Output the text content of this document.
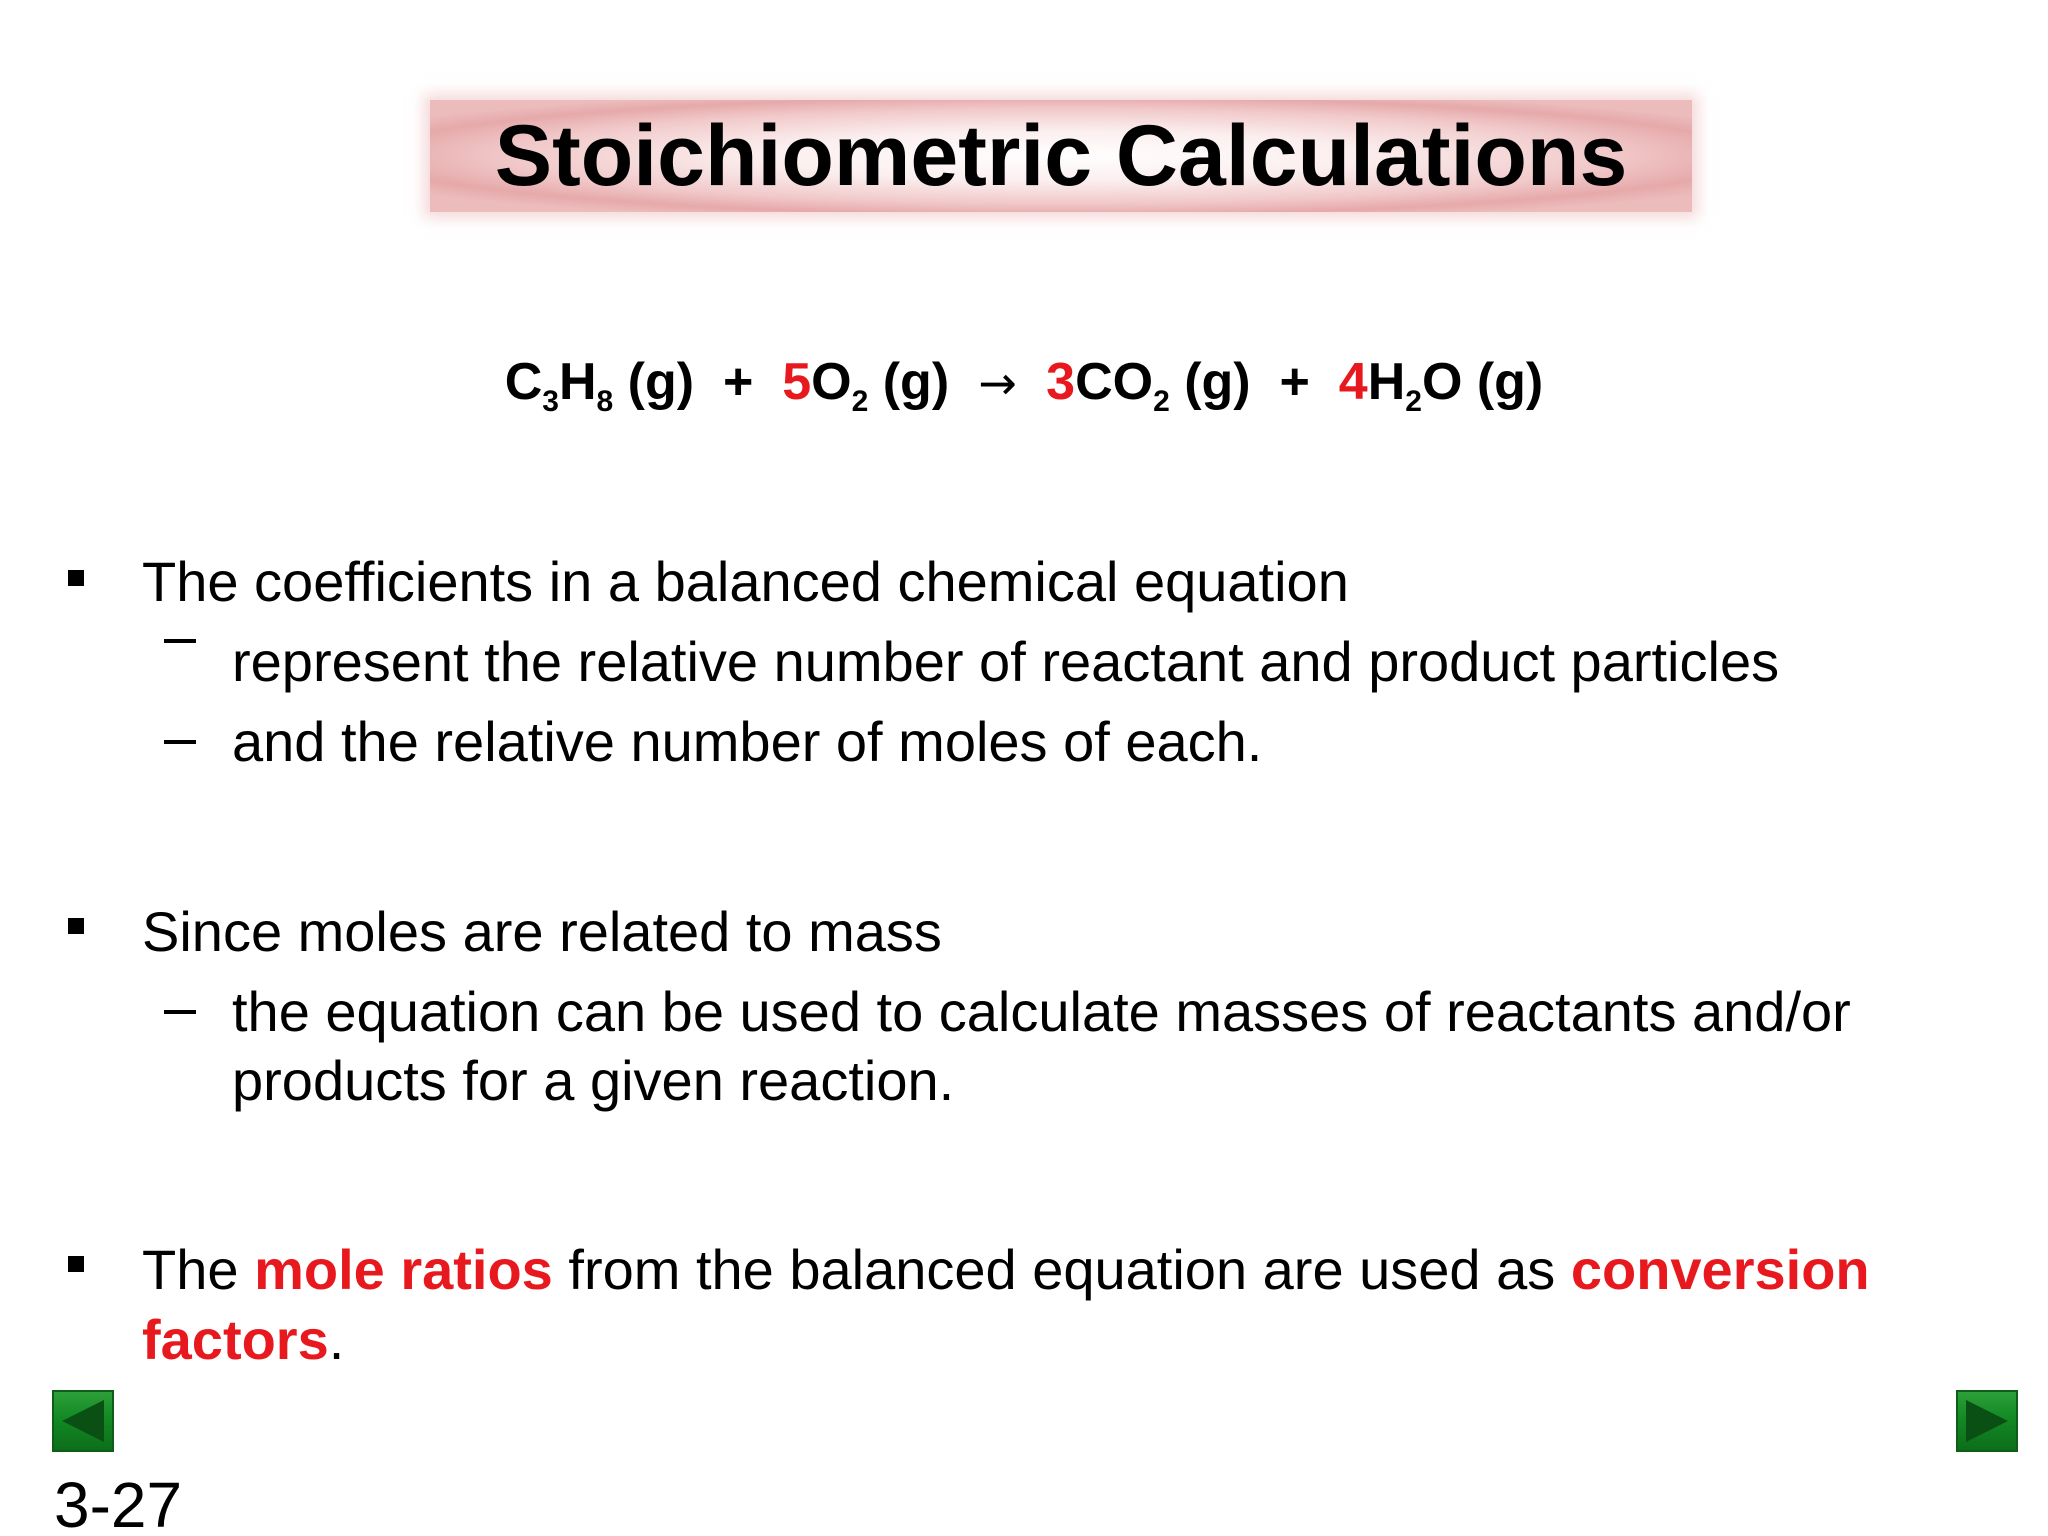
Stoichiometric Calculations
$C_3H_8$ $(g) + 5O_2$ $(g) \to 3CO_2$ $(g) + 4H_2O$ (g)
The coefficients in a balanced chemical equation
represent the relative number of reactant and product particles
and the relative number of moles of each.
Since moles are related to mass
the equation can be used to calculate masses of reactants and/or
products for a given reaction.
The mole ratios from the balanced equation are used as conversion
factors.
3-27
